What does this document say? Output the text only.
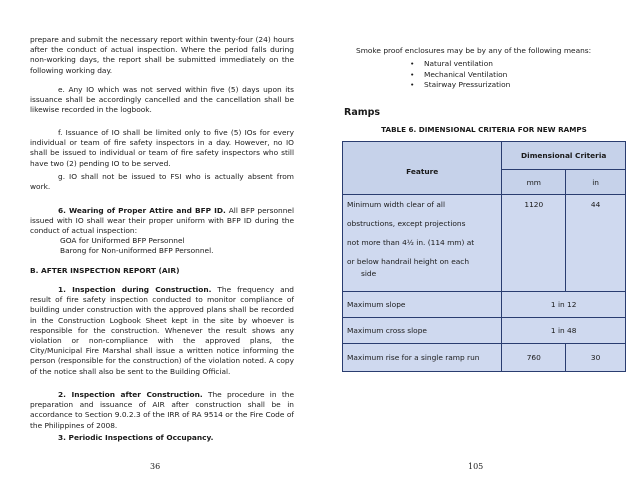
prepare and submit the necessary report within twenty-four (24) hours after the conduct of actual inspection. Where the period falls during non-working days, the report shall be submitted immediately on the following working day.

e. Any IO which was not served within five (5) days upon its issuance shall be accordingly cancelled and the cancellation shall be likewise recorded in the logbook.

f. Issuance of IO shall be limited only to five (5) IOs for every individual or team of fire safety inspectors in a day. However, no IO shall be issued to individual or team of fire safety inspectors who still have two (2) pending IO to be served.

g. IO shall not be issued to FSI who is actually absent from work.

6. Wearing of Proper Attire and BFP ID. All BFP personnel issued with IO shall wear their proper uniform with BFP ID during the conduct of actual inspection:

GOA for Uniformed BFP Personnel
Barong for Non-uniformed BFP Personnel.
B. AFTER INSPECTION REPORT (AIR)

1. Inspection during Construction. The frequency and result of fire safety inspection conducted to monitor compliance of building under construction with the approved plans shall be recorded in the Construction Logbook Sheet kept in the site by whoever is responsible for the construction. Whenever the result shows any violation or non-compliance with the approved plans, the City/Municipal Fire Marshal shall issue a written notice informing the person (responsible for the construction) of the violation noted. A copy of the notice shall also be sent to the Building Official.

2. Inspection after Construction. The procedure in the preparation and issuance of AIR after construction shall be in accordance to Section 9.0.2.3 of the IRR of RA 9514 or the Fire Code of the Philippines of 2008.

3. Periodic Inspections of Occupancy.
36
Smoke proof enclosures may be by any of the following means:
• Natural ventilation
• Mechanical Ventilation
• Stairway Pressurization
Ramps
TABLE 6. DIMENSIONAL CRITERIA FOR NEW RAMPS
Feature	Dimensional Criteria	
	mm	in

Minimum width clear of all
obstructions, except projections
not more than 4½ in. (114 mm) at
or below handrail height on each
side	1120	44

Maximum slope	1 in 12	
Maximum cross slope	1 in 48	
Maximum rise for a single ramp run	760	30
105
